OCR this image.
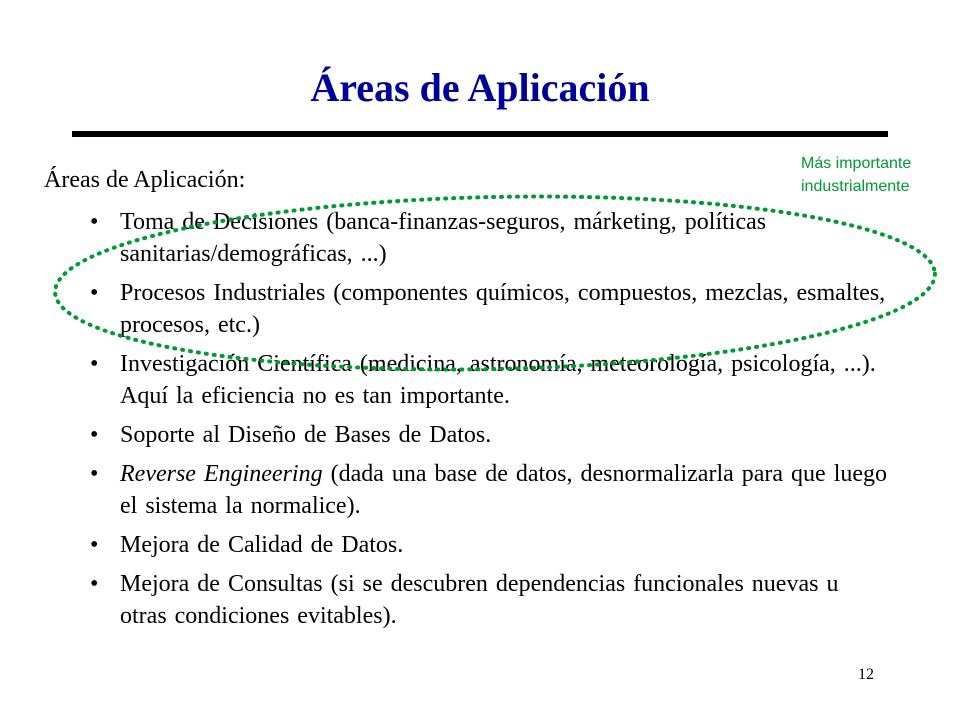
Áreas de Aplicación
Más importante
industrialmente
Áreas de Aplicación:
• Toma de Decisiones (banca-finanzas-seguros, márketing, políticas sanitarias/demográficas, ...)
• Procesos Industriales (componentes químicos, compuestos, mezclas, esmaltes, procesos, etc.)
• Investigación Científica (medicina, astronomía, meteorología, psicología, ...). Aquí la eficiencia no es tan importante.
• Soporte al Diseño de Bases de Datos.
• Reverse Engineering (dada una base de datos, desnormalizarla para que luego el sistema la normalice).
• Mejora de Calidad de Datos.
• Mejora de Consultas (si se descubren dependencias funcionales nuevas u otras condiciones evitables).
12
